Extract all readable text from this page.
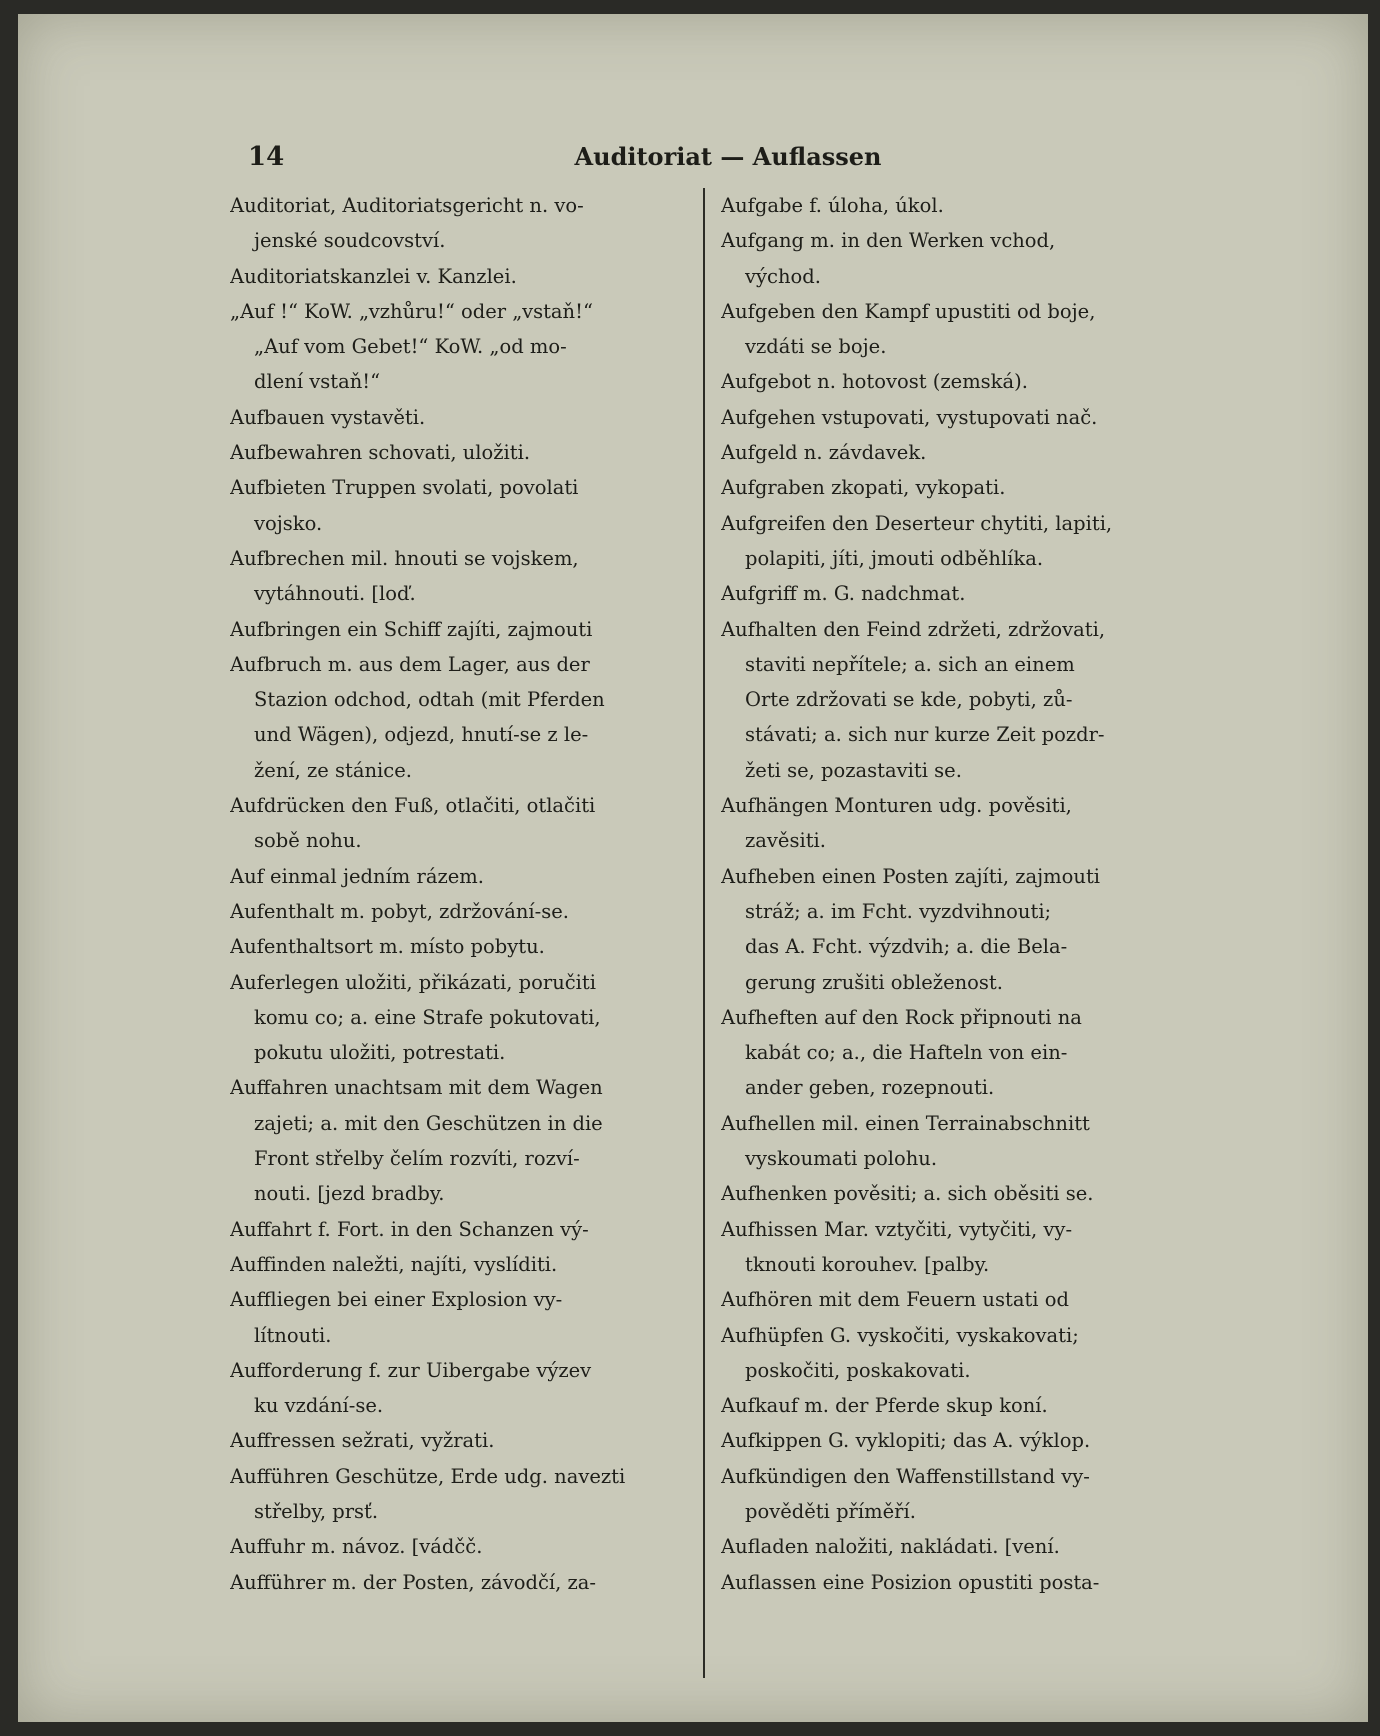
14	Auditoriat — Auflassen
Auditoriat, Auditoriatsgericht n. vo-
jenské soudcovství.
Auditoriatskanzlei v. Kanzlei.
„Auf !“ KoW. „vzhůru!“ oder „vstaň!“
„Auf vom Gebet!“ KoW. „od mo-
dlení vstaň!“
Aufbauen vystavěti.
Aufbewahren schovati, uložiti.
Aufbieten Truppen svolati, povolati
vojsko.
Aufbrechen mil. hnouti se vojskem,
vytáhnouti. [loď.
Aufbringen ein Schiff zajíti, zajmouti
Aufbruch m. aus dem Lager, aus der
Stazion odchod, odtah (mit Pferden
und Wägen), odjezd, hnutí-se z le-
žení, ze stánice.
Aufdrücken den Fuß, otlačiti, otlačiti
sobě nohu.
Auf einmal jedním rázem.
Aufenthalt m. pobyt, zdržování-se.
Aufenthaltsort m. místo pobytu.
Auferlegen uložiti, přikázati, poručiti
komu co; a. eine Strafe pokutovati,
pokutu uložiti, potrestati.
Auffahren unachtsam mit dem Wagen
zajeti; a. mit den Geschützen in die
Front střelby čelím rozvíti, rozví-
nouti. [jezd bradby.
Auffahrt f. Fort. in den Schanzen vý-
Auffinden naležti, najíti, vyslíditi.
Auffliegen bei einer Explosion vy-
lítnouti.
Aufforderung f. zur Uibergabe výzev
ku vzdání-se.
Auffressen sežrati, vyžrati.
Aufführen Geschütze, Erde udg. navezti
střelby, prsť.
Auffuhr m. návoz. [vádčč.
Aufführer m. der Posten, závodčí, za-
Aufgabe f. úloha, úkol.
Aufgang m. in den Werken vchod,
východ.
Aufgeben den Kampf upustiti od boje,
vzdáti se boje.
Aufgebot n. hotovost (zemská).
Aufgehen vstupovati, vystupovati nač.
Aufgeld n. závdavek.
Aufgraben zkopati, vykopati.
Aufgreifen den Deserteur chytiti, lapiti,
polapiti, jíti, jmouti odběhlíka.
Aufgriff m. G. nadchmat.
Aufhalten den Feind zdržeti, zdržovati,
staviti nepřítele; a. sich an einem
Orte zdržovati se kde, pobyti, zů-
stávati; a. sich nur kurze Zeit pozdr-
žeti se, pozastaviti se.
Aufhängen Monturen udg. pověsiti,
zavěsiti.
Aufheben einen Posten zajíti, zajmouti
stráž; a. im Fcht. vyzdvihnouti;
das A. Fcht. výzdvih; a. die Bela-
gerung zrušiti obleženost.
Aufheften auf den Rock připnouti na
kabát co; a., die Hafteln von ein-
ander geben, rozepnouti.
Aufhellen mil. einen Terrainabschnitt
vyskoumati polohu.
Aufhenken pověsiti; a. sich oběsiti se.
Aufhissen Mar. vztyčiti, vytyčiti, vy-
tknouti korouhev. [palby.
Aufhören mit dem Feuern ustati od
Aufhüpfen G. vyskočiti, vyskakovati;
poskočiti, poskakovati.
Aufkauf m. der Pferde skup koní.
Aufkippen G. vyklopiti; das A. výklop.
Aufkündigen den Waffenstillstand vy-
pověděti příměří.
Aufladen naložiti, nakládati. [vení.
Auflassen eine Posizion opustiti posta-
